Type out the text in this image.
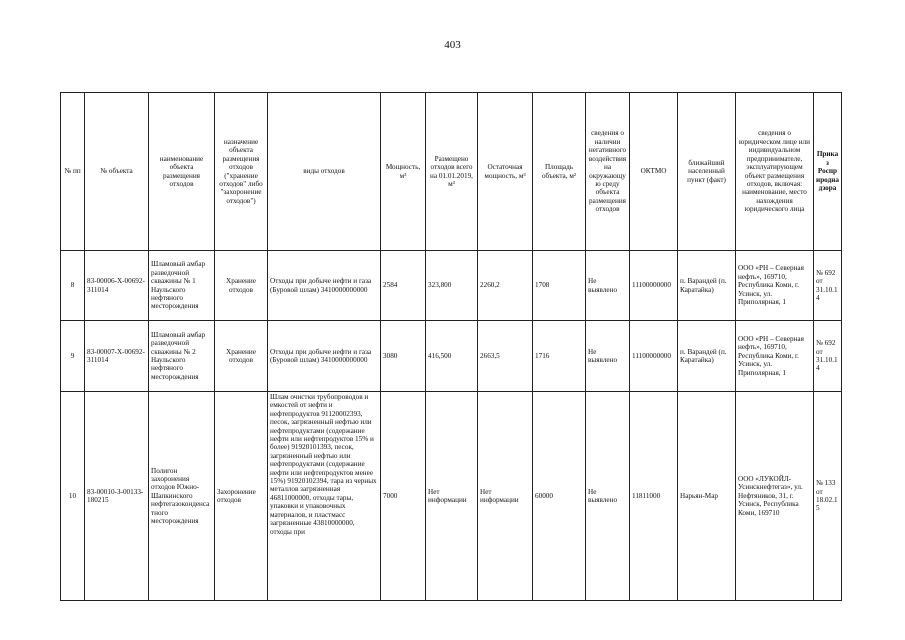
403
№ пп	№ объекта	наименование объекта размещения отходов	назначение объекта размещения отходов ("хранение отходов" либо "захоронение отходов")	виды отходов	Мощность, м³	Размещено отходов всего на 01.01.2019, м³	Остаточная мощность, м³	Площадь объекта, м²	сведения о наличии негативного воздействия на окружающую среду объекта размещения отходов	ОКТМО	ближайший населенный пункт (факт)	сведения о юридическом лице или индивидуальном предпринимателе, эксплуатирующем объект размещения отходов, включая: наименование, место нахождения юридического лица	Приказ Росприроднадзора
8	83-00006-Х-00692-311014	Шламовый амбар разведочной скважины № 1 Наульского нефтяного месторождения	Хранение отходов	Отходы при добыче нефти и газа (Буровой шлам) 3410000000000	2584	323,800	2260,2	1708	Не выявлено	11100000000	п. Варандей (п. Каратайка)	ООО «РН – Северная нефть», 169710, Республика Коми, г. Усинск, ул. Приполярная, 1	№ 692 от 31.10.14
9	83-00007-Х-00692-311014	Шламовый амбар разведочной скважины № 2 Наульского нефтяного месторождения	Хранение отходов	Отходы при добыче нефти и газа (Буровой шлам) 3410000000000	3080	416,500	2663,5	1716	Не выявлено	11100000000	п. Варандей (п. Каратайка)	ООО «РН – Северная нефть», 169710, Республика Коми, г. Усинск, ул. Приполярная, 1	№ 692 от 31.10.14
10	83-00010-З-00133-180215	Полигон захоронения отходов Южно-Шапкинского нефтегазоконденсатного месторождения	Захоронение отходов	Шлам очистки трубопроводов и емкостей от нефти и нефтепродуктов 91120002393, песок, загрязненный нефтью или нефтепродуктами (содержание нефти или нефтепродуктов 15% и более) 91920101393, песок, загрязненный нефтью или нефтепродуктами (содержание нефти или нефтепродуктов менее 15%) 91920102394, тара из черных металлов загрязненная 46811000000, отходы тары, упаковки и упаковочных материалов, и пластмасс загрязненные 43810000000, отходы при	7000	Нет информации	Нет информации	60000	Не выявлено	11811000	Нарьян-Мар	ООО «ЛУКОЙЛ-Усинскнефтегаз», ул. Нефтяников, 31, г. Усинск, Республика Коми, 169710	№ 133 от 18.02.15
